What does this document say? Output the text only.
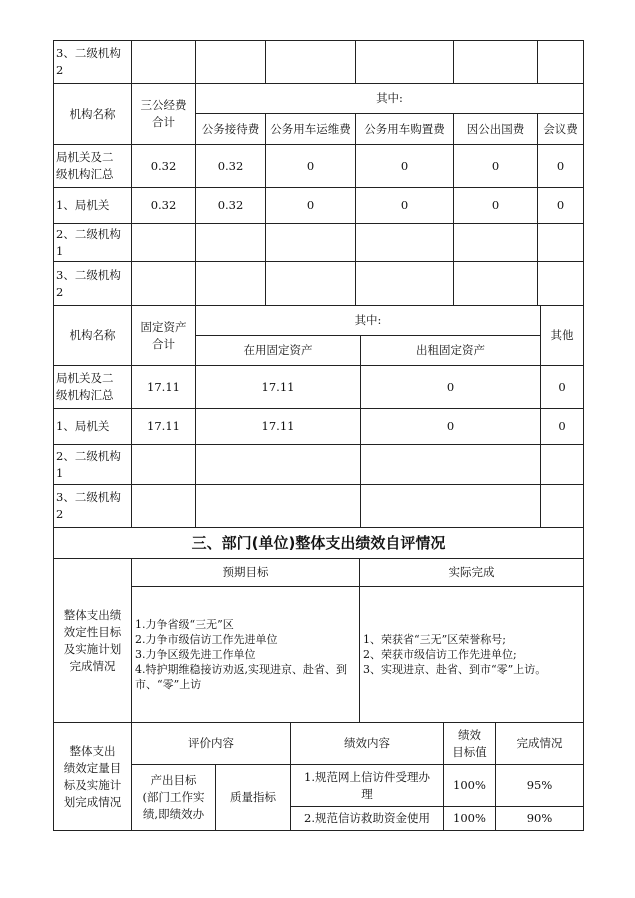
3、二级机构
2						

机构名称	三公经费
合计	其中:				
		公务接待费	公务用车运维费	公务用车购置费	因公出国费	会议费

局机关及二
级机构汇总	0.32	0.32	0	0	0	0
1、局机关	0.32	0.32	0	0	0	0

2、二级机构
1						

3、二级机构
2						

机构名称	固定资产
合计	其中:		其他
		在用固定资产	出租固定资产	

局机关及二
级机构汇总	17.11	17.11	0	0
1、局机关	17.11	17.11	0	0

2、二级机构
1				

3、二级机构
2				

三、部门(单位)整体支出绩效自评情况		

整体支出绩
效定性目标
及实施计划
完成情况	预期目标	实际完成

	1.力争省级“三无”区
2.力争市级信访工作先进单位
3.力争区级先进工作单位
4.特护期维稳接访劝返,实现进京、赴省、到市、“零”上访	1、荣获省“三无”区荣誉称号;
2、荣获市级信访工作先进单位;
3、实现进京、赴省、到市“零”上访。
整体支出
绩效定量目
标及实施计
划完成情况	评价内容		绩效内容	绩效
目标值	完成情况

	产出目标
(部门工作实
绩,即绩效办	质量指标	1.规范网上信访件受理办
理	100%	95%
			2.规范信访救助资金使用	100%	90%
